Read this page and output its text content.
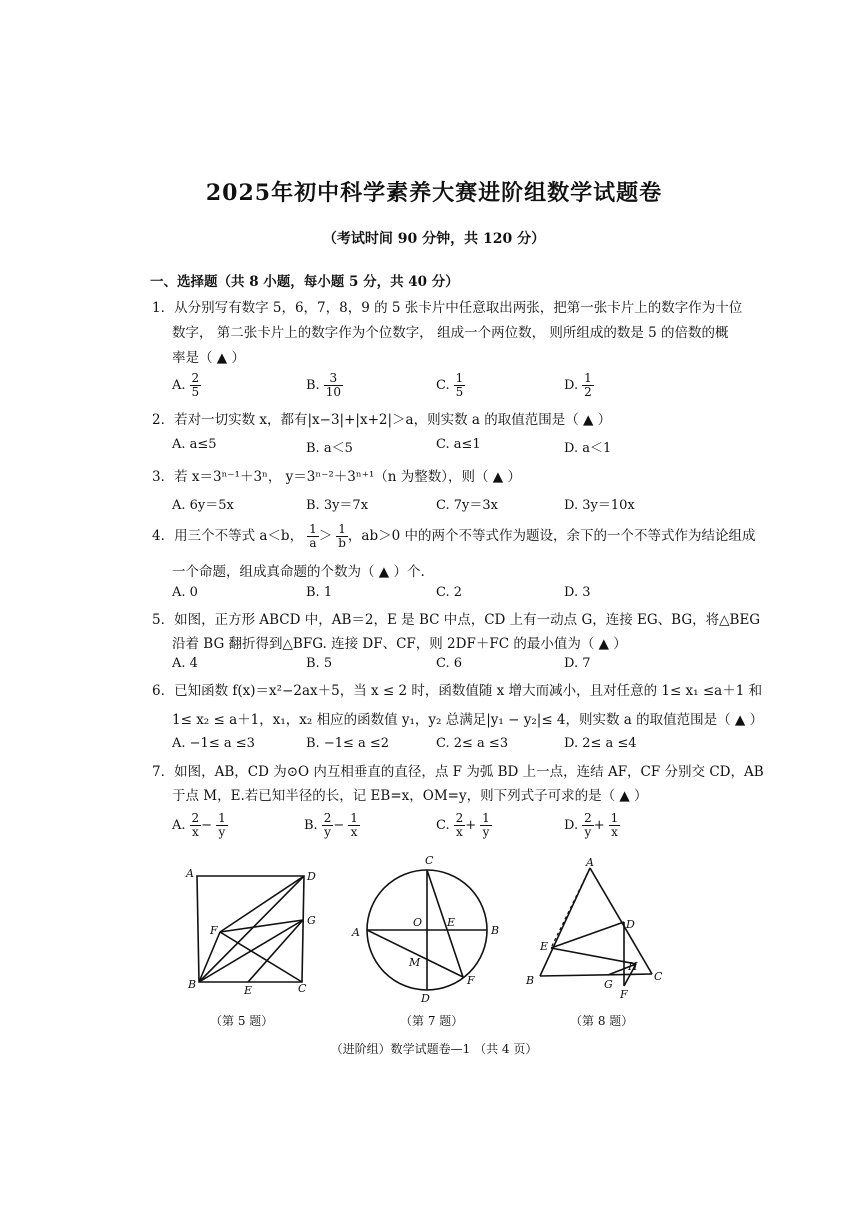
2025年初中科学素养大赛进阶组数学试题卷
（考试时间 90 分钟，共 120 分）
一、选择题（共 8 小题，每小题 5 分，共 40 分）
1．从分别写有数字 5，6，7，8，9 的 5 张卡片中任意取出两张，把第一张卡片上的数字作为十位
数字， 第二张卡片上的数字作为个位数字， 组成一个两位数， 则所组成的数是 5 的倍数的概
率是（ ▲ ）
A. $\frac{2}{5}$	B. $\frac{3}{10}$	C. $\frac{1}{5}$	D. $\frac{1}{2}$
2．若对一切实数 x，都有|x−3|+|x+2|＞a，则实数 a 的取值范围是（ ▲ ）
A. a≤5	B. a＜5	C. a≤1	D. a＜1
3．若 x＝3ⁿ⁻¹＋3ⁿ， y＝3ⁿ⁻²＋3ⁿ⁺¹（n 为整数），则（ ▲ ）
A. 6y＝5x	B. 3y＝7x	C. 7y＝3x	D. 3y＝10x
4．用三个不等式 a＜b， $\frac{1}{a} > \frac{1}{b}$ ，ab＞0 中的两个不等式作为题设，余下的一个不等式作为结论组成
一个命题，组成真命题的个数为（ ▲ ）个.
A. 0	B. 1	C. 2	D. 3
5．如图，正方形 ABCD 中，AB＝2，E 是 BC 中点，CD 上有一动点 G，连接 EG、BG，将△BEG
沿着 BG 翻折得到△BFG. 连接 DF、CF，则 2DF＋FC 的最小值为（ ▲ ）
A. 4	B. 5	C. 6	D. 7
6．已知函数 f(x)＝x²−2ax＋5，当 x ≤ 2 时，函数值随 x 增大而减小，且对任意的 1≤ x₁ ≤a＋1 和
1≤ x₂ ≤ a＋1，x₁，x₂ 相应的函数值 y₁，y₂ 总满足|y₁ − y₂|≤ 4，则实数 a 的取值范围是（ ▲ ）
A. −1≤ a ≤3	B. −1≤ a ≤2	C. 2≤ a ≤3	D. 2≤ a ≤4
7．如图，AB，CD 为⊙O 内互相垂直的直径，点 F 为弧 BD 上一点，连结 AF，CF 分别交 CD，AB
于点 M，E.若已知半径的长，记 EB=x，OM=y，则下列式子可求的是（ ▲ ）
A. $\frac{2}{x} - \frac{1}{y}$	B. $\frac{2}{y} - \frac{1}{x}$	C. $\frac{2}{x} + \frac{1}{y}$	D. $\frac{2}{y} + \frac{1}{x}$
A	D
G
F
B	E	C
（第 5 题）
C
A
O E
B
M
F
D
（第 7 题）
A
D
E
H
C
B	G
F
（第 8 题）
（进阶组）数学试题卷—1 （共 4 页）
